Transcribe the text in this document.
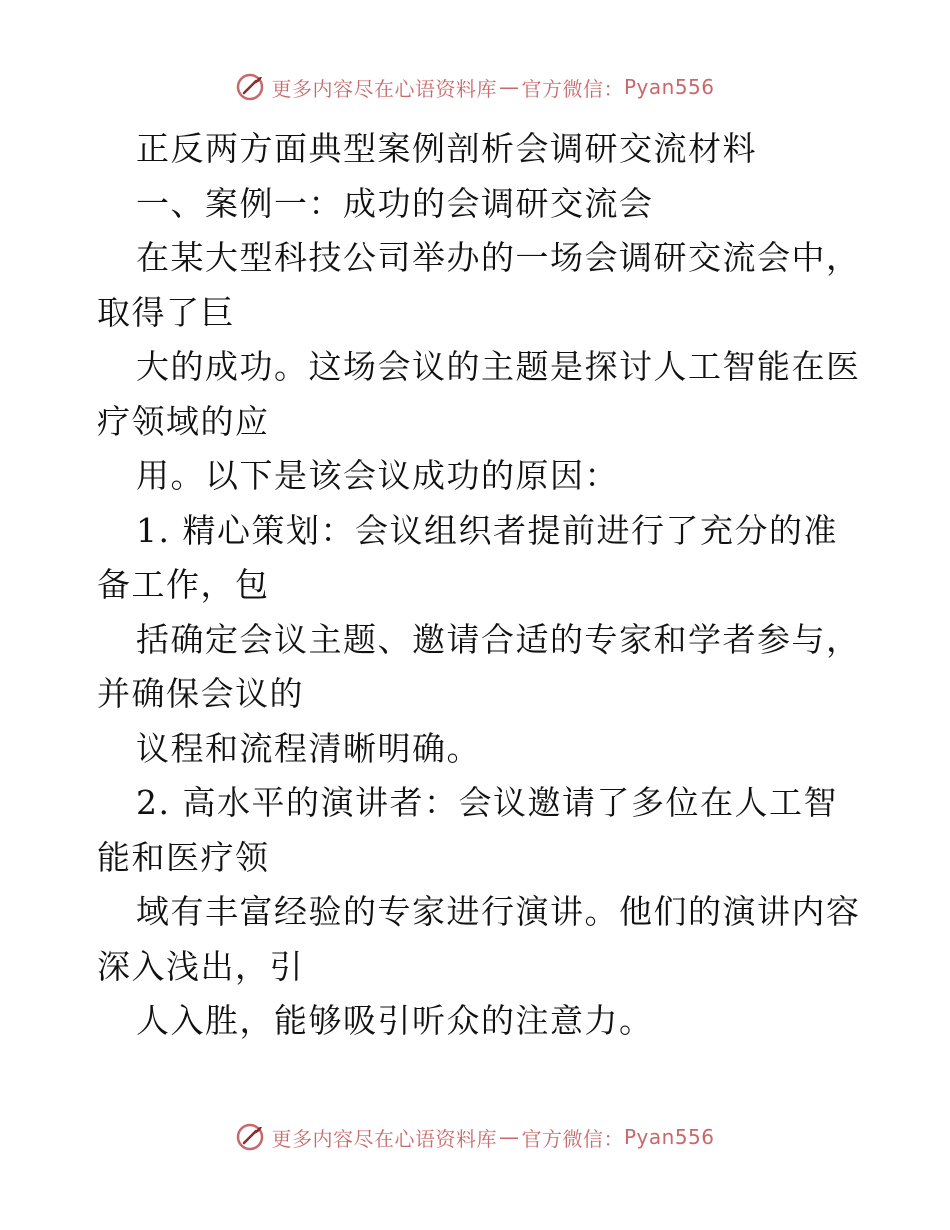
更多内容尽在心语资料库 — 官方微信： Pyan556
正反两方面典型案例剖析会调研交流材料
一、案例一：成功的会调研交流会
在某大型科技公司举办的一场会调研交流会中，
取得了巨
大的成功。这场会议的主题是探讨人工智能在医
疗领域的应
用。以下是该会议成功的原因：
1. 精心策划：会议组织者提前进行了充分的准
备工作，包
括确定会议主题、邀请合适的专家和学者参与，
并确保会议的
议程和流程清晰明确。
2. 高水平的演讲者：会议邀请了多位在人工智
能和医疗领
域有丰富经验的专家进行演讲。他们的演讲内容
深入浅出，引
人入胜，能够吸引听众的注意力。
更多内容尽在心语资料库 — 官方微信： Pyan556
